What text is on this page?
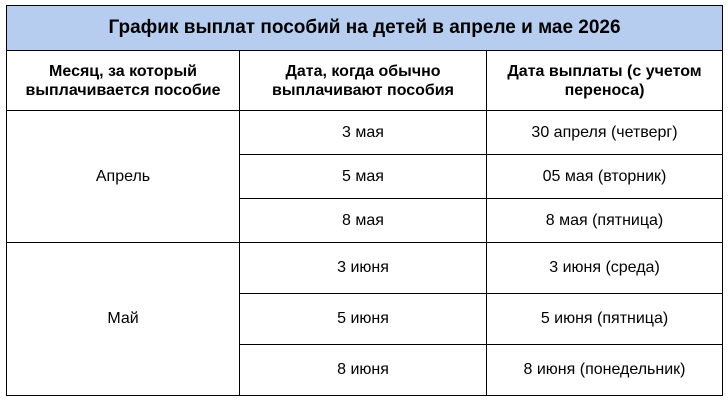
График выплат пособий на детей в апреле и мае 2026		
Месяц, за который выплачивается пособие	Дата, когда обычно выплачивают пособия	Дата выплаты (с учетом переноса)
Апрель	3 мая	30 апреля (четверг)
	5 мая	05 мая (вторник)
	8 мая	8 мая (пятница)
Май	3 июня	3 июня (среда)
	5 июня	5 июня (пятница)
	8 июня	8 июня (понедельник)
